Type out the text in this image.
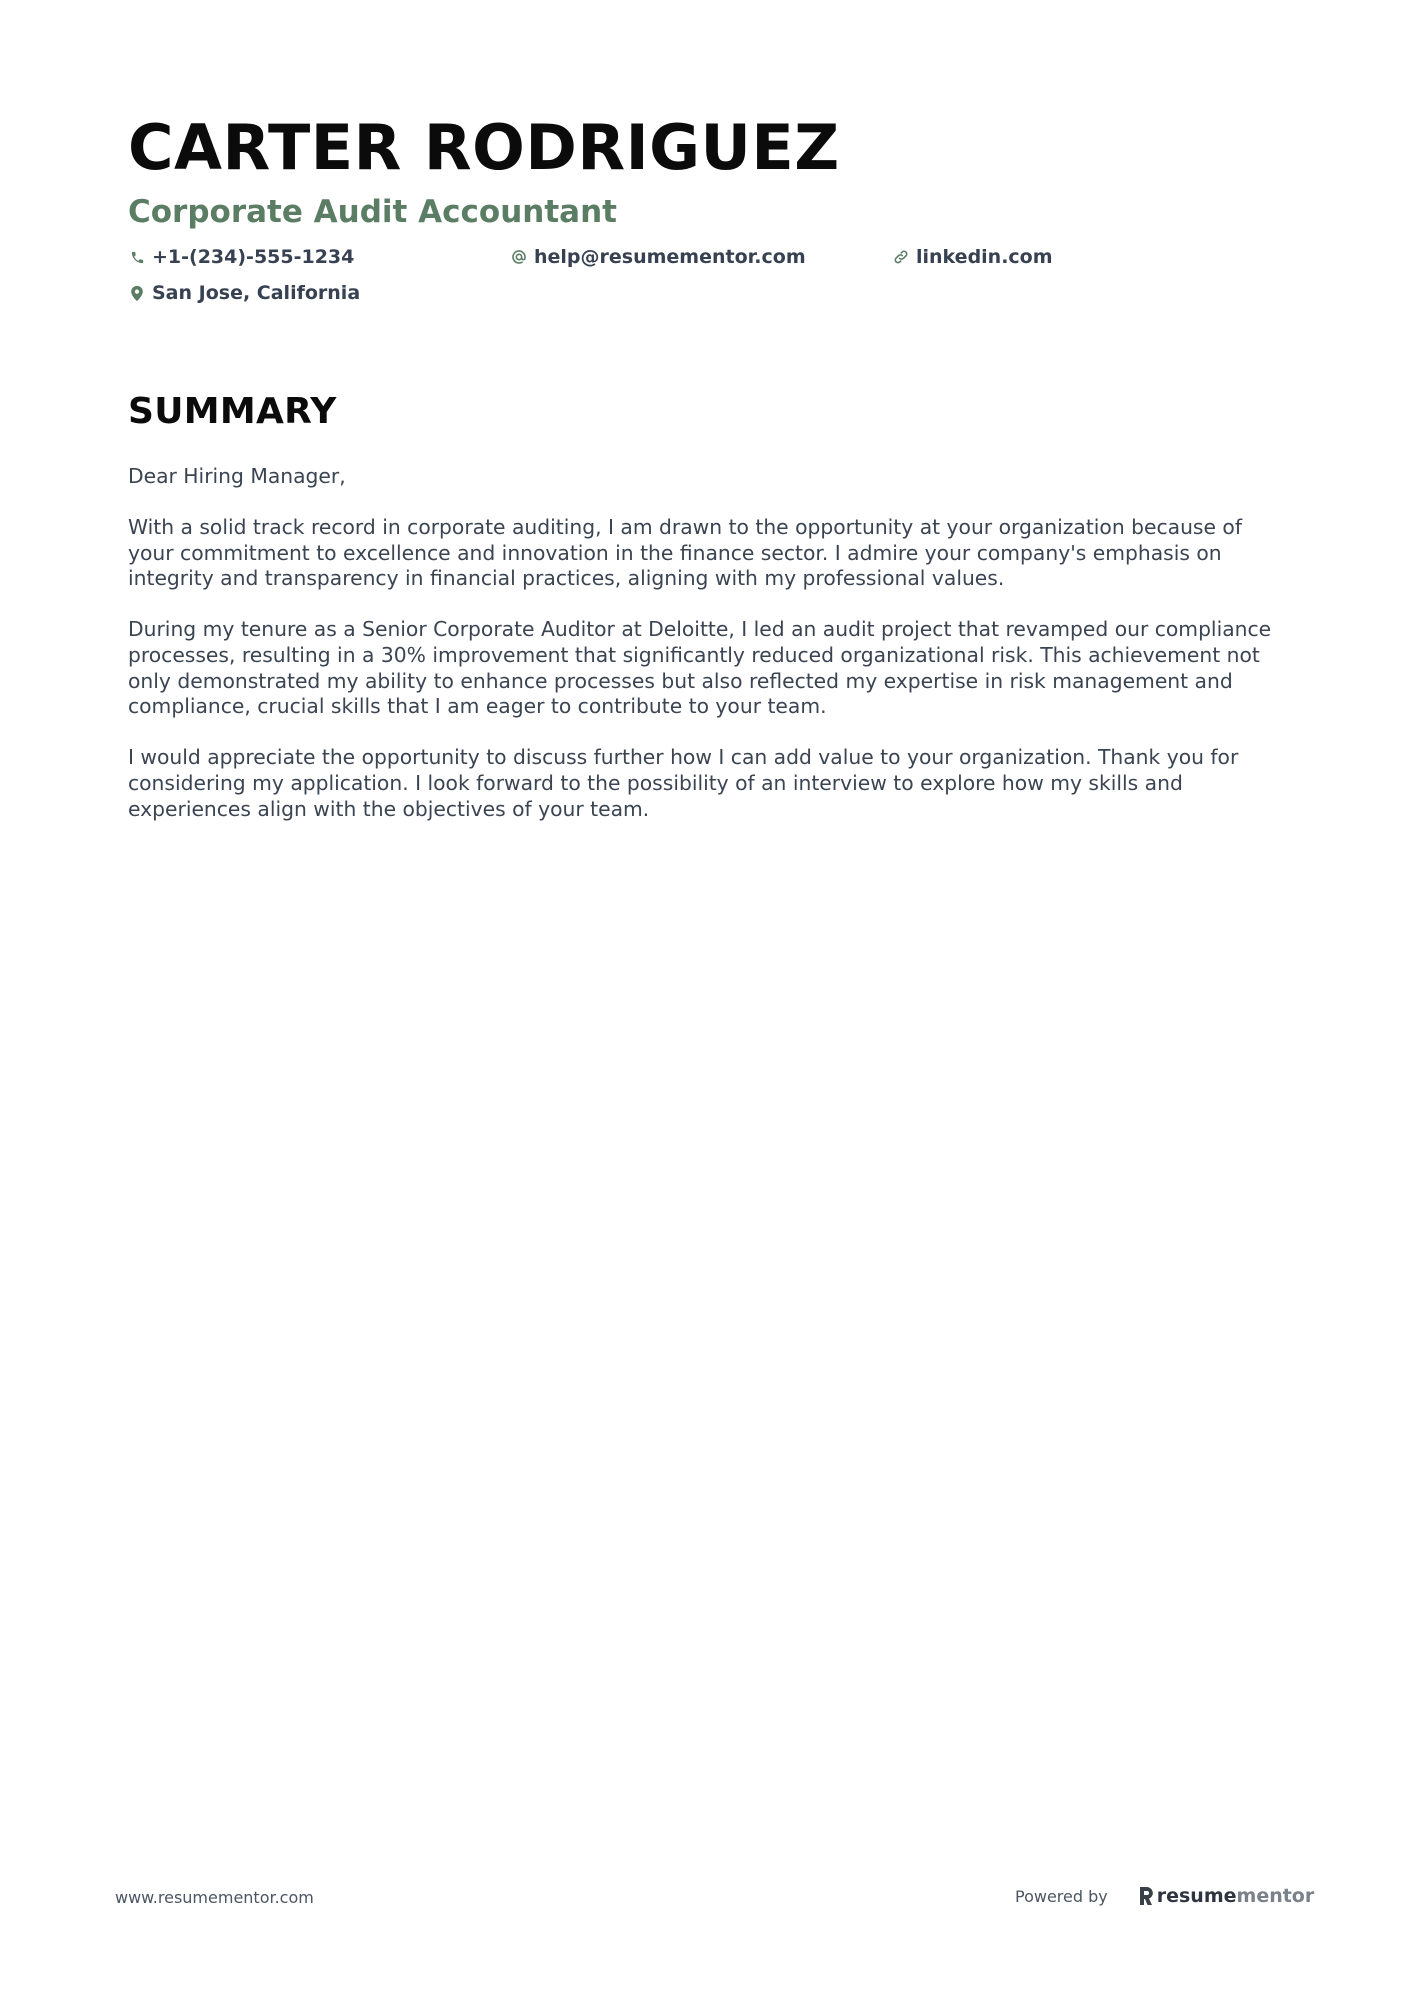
CARTER RODRIGUEZ
Corporate Audit Accountant
+1-(234)-555-1234	help@resumementor.com	linkedin.com
San Jose, California
SUMMARY

Dear Hiring Manager,

With a solid track record in corporate auditing, I am drawn to the opportunity at your organization because of your commitment to excellence and innovation in the finance sector. I admire your company's emphasis on integrity and transparency in financial practices, aligning with my professional values.

During my tenure as a Senior Corporate Auditor at Deloitte, I led an audit project that revamped our compliance processes, resulting in a 30% improvement that significantly reduced organizational risk. This achievement not only demonstrated my ability to enhance processes but also reflected my expertise in risk management and compliance, crucial skills that I am eager to contribute to your team.

I would appreciate the opportunity to discuss further how I can add value to your organization. Thank you for considering my application. I look forward to the possibility of an interview to explore how my skills and experiences align with the objectives of your team.

www.resumementor.com	Powered by	resume mentor
